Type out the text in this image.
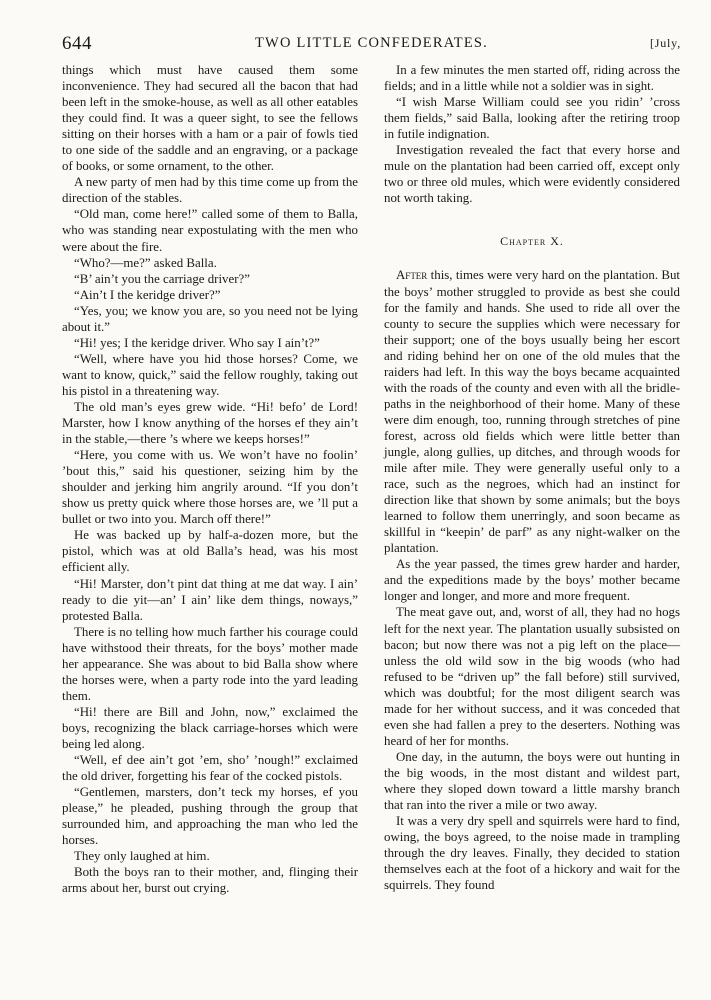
644	TWO LITTLE CONFEDERATES.	[July,

things which must have caused them some inconvenience. They had secured all the bacon that had been left in the smoke-house, as well as all other eatables they could find. It was a queer sight, to see the fellows sitting on their horses with a ham or a pair of fowls tied to one side of the saddle and an engraving, or a package of books, or some ornament, to the other.

A new party of men had by this time come up from the direction of the stables.

“Old man, come here!” called some of them to Balla, who was standing near expostulating with the men who were about the fire.

“Who?—me?” asked Balla.

“B’ ain’t you the carriage driver?”

“Ain’t I the keridge driver?”

“Yes, you; we know you are, so you need not be lying about it.”

“Hi! yes; I the keridge driver. Who say I ain’t?”

“Well, where have you hid those horses? Come, we want to know, quick,” said the fellow roughly, taking out his pistol in a threatening way.

The old man’s eyes grew wide. “Hi! befo’ de Lord! Marster, how I know anything of the horses ef they ain’t in the stable,—there ’s where we keeps horses!”

“Here, you come with us. We won’t have no foolin’ ’bout this,” said his questioner, seizing him by the shoulder and jerking him angrily around. “If you don’t show us pretty quick where those horses are, we ’ll put a bullet or two into you. March off there!”

He was backed up by half-a-dozen more, but the pistol, which was at old Balla’s head, was his most efficient ally.

“Hi! Marster, don’t pint dat thing at me dat way. I ain’ ready to die yit—an’ I ain’ like dem things, noways,” protested Balla.

There is no telling how much farther his courage could have withstood their threats, for the boys’ mother made her appearance. She was about to bid Balla show where the horses were, when a party rode into the yard leading them.

“Hi! there are Bill and John, now,” exclaimed the boys, recognizing the black carriage-horses which were being led along.

“Well, ef dee ain’t got ’em, sho’ ’nough!” exclaimed the old driver, forgetting his fear of the cocked pistols.

“Gentlemen, marsters, don’t teck my horses, ef you please,” he pleaded, pushing through the group that surrounded him, and approaching the man who led the horses.

They only laughed at him.

Both the boys ran to their mother, and, flinging their arms about her, burst out crying.

In a few minutes the men started off, riding across the fields; and in a little while not a soldier was in sight.

“I wish Marse William could see you ridin’ ’cross them fields,” said Balla, looking after the retiring troop in futile indignation.

Investigation revealed the fact that every horse and mule on the plantation had been carried off, except only two or three old mules, which were evidently considered not worth taking.

Chapter X.

After this, times were very hard on the plantation. But the boys’ mother struggled to provide as best she could for the family and hands. She used to ride all over the county to secure the supplies which were necessary for their support; one of the boys usually being her escort and riding behind her on one of the old mules that the raiders had left. In this way the boys became acquainted with the roads of the county and even with all the bridle-paths in the neighborhood of their home. Many of these were dim enough, too, running through stretches of pine forest, across old fields which were little better than jungle, along gullies, up ditches, and through woods for mile after mile. They were generally useful only to a race, such as the negroes, which had an instinct for direction like that shown by some animals; but the boys learned to follow them unerringly, and soon became as skillful in “keepin’ de parf” as any night-walker on the plantation.

As the year passed, the times grew harder and harder, and the expeditions made by the boys’ mother became longer and longer, and more and more frequent.

The meat gave out, and, worst of all, they had no hogs left for the next year. The plantation usually subsisted on bacon; but now there was not a pig left on the place—unless the old wild sow in the big woods (who had refused to be “driven up” the fall before) still survived, which was doubtful; for the most diligent search was made for her without success, and it was conceded that even she had fallen a prey to the deserters. Nothing was heard of her for months.

One day, in the autumn, the boys were out hunting in the big woods, in the most distant and wildest part, where they sloped down toward a little marshy branch that ran into the river a mile or two away.

It was a very dry spell and squirrels were hard to find, owing, the boys agreed, to the noise made in trampling through the dry leaves. Finally, they decided to station themselves each at the foot of a hickory and wait for the squirrels. They found
